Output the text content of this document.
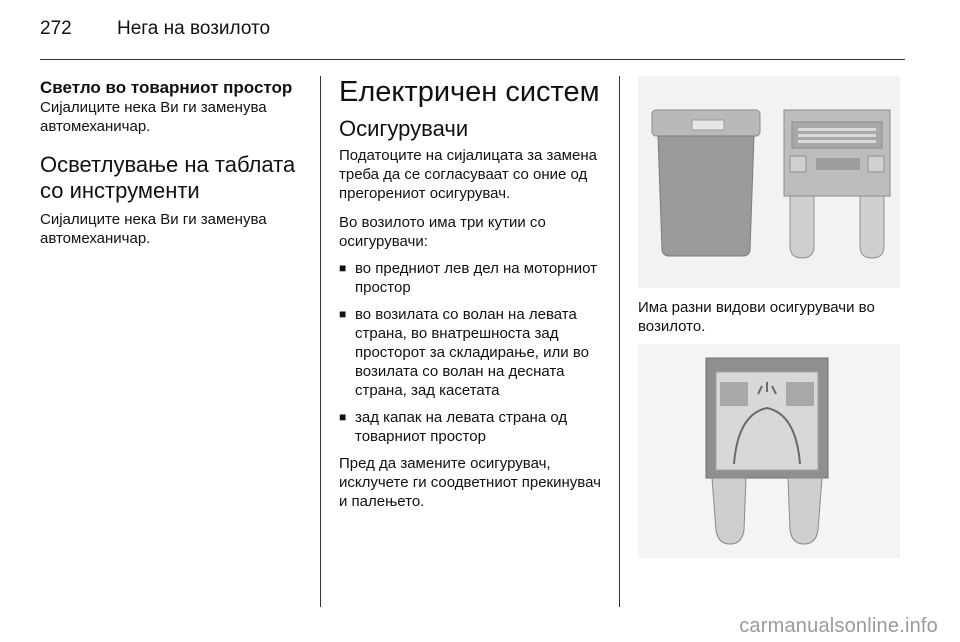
272 Нега на возилото
Светло во товарниот простор

Сијалиците нека Ви ги заменува автомеханичар.

Осветлување на таблата со инструменти

Сијалиците нека Ви ги заменува автомеханичар.

Електричен систем
Осигурувачи

Податоците на сијалицата за замена треба да се согласуваат со оние од прегорениот осигурувач.

Во возилото има три кутии со осигурувачи:

■ во предниот лев дел на моторниот простор
■ во возилата со волан на левата страна, во внатрешноста зад просторот за складирање, или во возилата со волан на десната страна, зад касетата
■ зад капак на левата страна од товарниот простор

Пред да замените осигурувач, исклучете ги соодветниот прекинувач и палењето.

Има разни видови осигурувачи во возилото.

carmanualsonline.info
